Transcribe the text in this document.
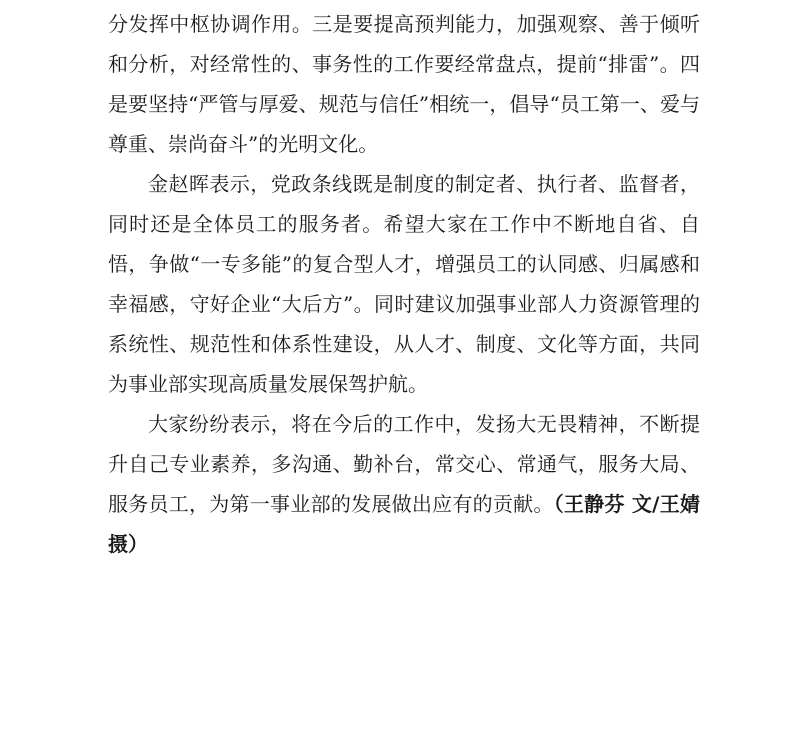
分发挥中枢协调作用。三是要提高预判能力，加强观察、善于倾听和分析，对经常性的、事务性的工作要经常盘点，提前“排雷”。四是要坚持“严管与厚爱、规范与信任”相统一，倡导“员工第一、爱与尊重、崇尚奋斗”的光明文化。

金赵晖表示，党政条线既是制度的制定者、执行者、监督者，同时还是全体员工的服务者。希望大家在工作中不断地自省、自悟，争做“一专多能”的复合型人才，增强员工的认同感、归属感和幸福感，守好企业“大后方”。同时建议加强事业部人力资源管理的系统性、规范性和体系性建设，从人才、制度、文化等方面，共同为事业部实现高质量发展保驾护航。

大家纷纷表示，将在今后的工作中，发扬大无畏精神，不断提升自己专业素养，多沟通、勤补台，常交心、常通气，服务大局、服务员工，为第一事业部的发展做出应有的贡献。（王静芬 文/王婧 摄）
